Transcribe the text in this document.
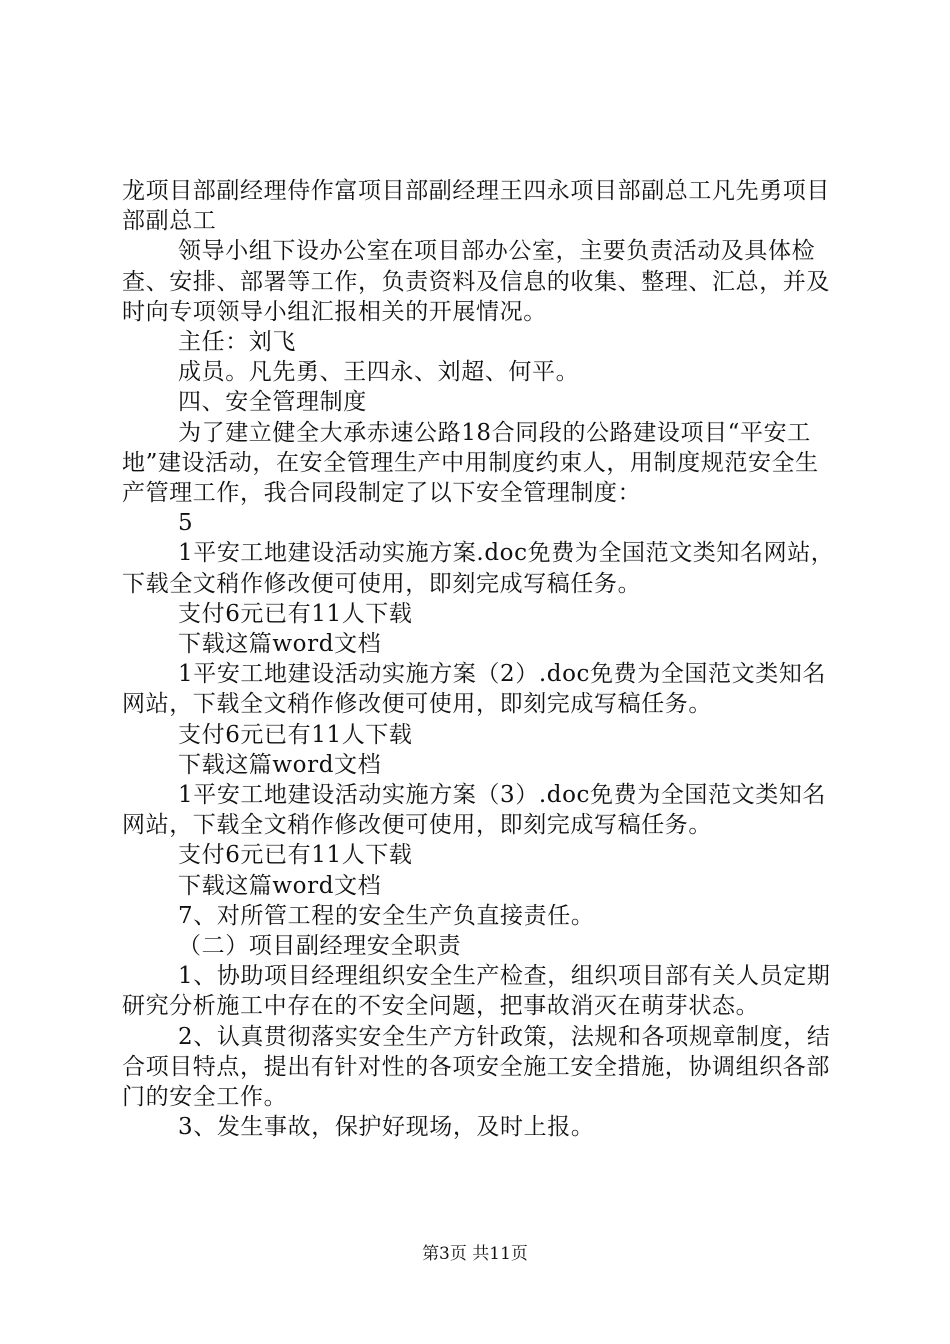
龙项目部副经理侍作富项目部副经理王四永项目部副总工凡先勇项目部副总工

领导小组下设办公室在项目部办公室，主要负责活动及具体检查、安排、部署等工作，负责资料及信息的收集、整理、汇总，并及时向专项领导小组汇报相关的开展情况。

主任：刘飞

成员。凡先勇、王四永、刘超、何平。

四、安全管理制度

为了建立健全大承赤速公路18合同段的公路建设项目“平安工地”建设活动，在安全管理生产中用制度约束人，用制度规范安全生产管理工作，我合同段制定了以下安全管理制度：

5

1平安工地建设活动实施方案.doc免费为全国范文类知名网站，下载全文稍作修改便可使用，即刻完成写稿任务。

支付6元已有11人下载

下载这篇word文档

1平安工地建设活动实施方案（2）.doc免费为全国范文类知名网站，下载全文稍作修改便可使用，即刻完成写稿任务。

支付6元已有11人下载

下载这篇word文档

1平安工地建设活动实施方案（3）.doc免费为全国范文类知名网站，下载全文稍作修改便可使用，即刻完成写稿任务。

支付6元已有11人下载

下载这篇word文档

7、对所管工程的安全生产负直接责任。

（二）项目副经理安全职责

1、协助项目经理组织安全生产检查，组织项目部有关人员定期研究分析施工中存在的不安全问题，把事故消灭在萌芽状态。

2、认真贯彻落实安全生产方针政策，法规和各项规章制度，结合项目特点，提出有针对性的各项安全施工安全措施，协调组织各部门的安全工作。

3、发生事故，保护好现场，及时上报。

第3页 共11页
